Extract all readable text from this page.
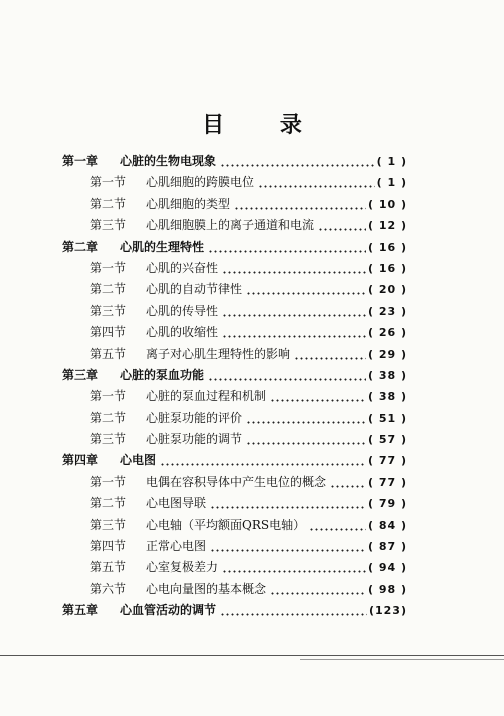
目 录
第一章	心脏的生物电现象	( 1 )
第一节	心肌细胞的跨膜电位	( 1 )
第二节	心肌细胞的类型	( 10 )
第三节	心肌细胞膜上的离子通道和电流	( 12 )
第二章	心肌的生理特性	( 16 )
第一节	心肌的兴奋性	( 16 )
第二节	心肌的自动节律性	( 20 )
第三节	心肌的传导性	( 23 )
第四节	心肌的收缩性	( 26 )
第五节	离子对心肌生理特性的影响	( 29 )
第三章	心脏的泵血功能	( 38 )
第一节	心脏的泵血过程和机制	( 38 )
第二节	心脏泵功能的评价	( 51 )
第三节	心脏泵功能的调节	( 57 )
第四章	心电图	( 77 )
第一节	电偶在容积导体中产生电位的概念	( 77 )
第二节	心电图导联	( 79 )
第三节	心电轴（平均额面QRS电轴）	( 84 )
第四节	正常心电图	( 87 )
第五节	心室复极差力	( 94 )
第六节	心电向量图的基本概念	( 98 )
第五章	心血管活动的调节	(123)
